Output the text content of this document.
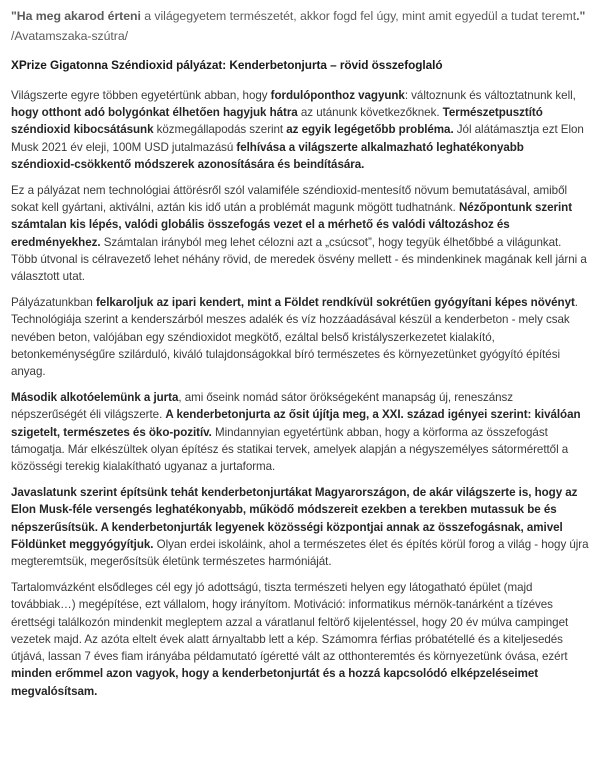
"Ha meg akarod érteni a világegyetem természetét, akkor fogd fel úgy, mint amit egyedül a tudat teremt." /Avatamszaka-szútra/
XPrize Gigatonna Széndioxid pályázat: Kenderbetonjurta – rövid összefoglaló

Világszerte egyre többen egyetértünk abban, hogy fordulóponthoz vagyunk: változnunk és változtatnunk kell, hogy otthont adó bolygónkat élhetően hagyjuk hátra az utánunk következőknek. Természetpusztító széndioxid kibocsátásunk közmegállapodás szerint az egyik legégetőbb probléma. Jól alátámasztja ezt Elon Musk 2021 év eleji, 100M USD jutalmazású felhívása a világszerte alkalmazható leghatékonyabb széndioxid-csökkentő módszerek azonosítására és beindítására.

Ez a pályázat nem technológiai áttörésről szól valamiféle széndioxid-mentesítő növum bemutatásával, amiből sokat kell gyártani, aktiválni, aztán kis idő után a problémát magunk mögött tudhatnánk. Nézőpontunk szerint számtalan kis lépés, valódi globális összefogás vezet el a mérhető és valódi változáshoz és eredményekhez. Számtalan irányból meg lehet célozni azt a „csúcsot”, hogy tegyük élhetőbbé a világunkat. Több útvonal is célravezető lehet néhány rövid, de meredek ösvény mellett - és mindenkinek magának kell járni a választott utat.

Pályázatunkban felkaroljuk az ipari kendert, mint a Földet rendkívül sokrétűen gyógyítani képes növényt. Technológiája szerint a kenderszárból meszes adalék és víz hozzáadásával készül a kenderbeton - mely csak nevében beton, valójában egy széndioxidot megkötő, ezáltal belső kristályszerkezetet kialakító, betonkeménységűre szilárduló, kiváló tulajdonságokkal bíró természetes és környezetünket gyógyító építési anyag.

Második alkotóelemünk a jurta, ami őseink nomád sátor örökségeként manapság új, reneszánsz népszerűségét éli világszerte. A kenderbetonjurta az ősit újítja meg, a XXI. század igényei szerint: kiválóan szigetelt, természetes és öko-pozitív. Mindannyian egyetértünk abban, hogy a körforma az összefogást támogatja. Már elkészültek olyan építész és statikai tervek, amelyek alapján a négyszemélyes sátormérettől a közösségi terekig kialakítható ugyanaz a jurtaforma.

Javaslatunk szerint építsünk tehát kenderbetonjurtákat Magyarországon, de akár világszerte is, hogy az Elon Musk-féle versengés leghatékonyabb, működő módszereit ezekben a terekben mutassuk be és népszerűsítsük. A kenderbetonjurták legyenek közösségi központjai annak az összefogásnak, amivel Földünket meggyógyítjuk. Olyan erdei iskoláink, ahol a természetes élet és építés körül forog a világ - hogy újra megteremtsük, megerősítsük életünk természetes harmóniáját.

Tartalomvázként elsődleges cél egy jó adottságú, tiszta természeti helyen egy látogatható épület (majd továbbiak…) megépítése, ezt vállalom, hogy irányítom. Motiváció: informatikus mérnök-tanárként a tízéves érettségi találkozón mindenkit megleptem azzal a váratlanul feltörő kijelentéssel, hogy 20 év múlva campinget vezetek majd. Az azóta eltelt évek alatt árnyaltabb lett a kép. Számomra férfias próbatétellé és a kiteljesedés útjává, lassan 7 éves fiam irányába példamutató ígéretté vált az otthonteremtés és környezetünk óvása, ezért minden erőmmel azon vagyok, hogy a kenderbetonjurtát és a hozzá kapcsolódó elképzeléseimet megvalósítsam.
